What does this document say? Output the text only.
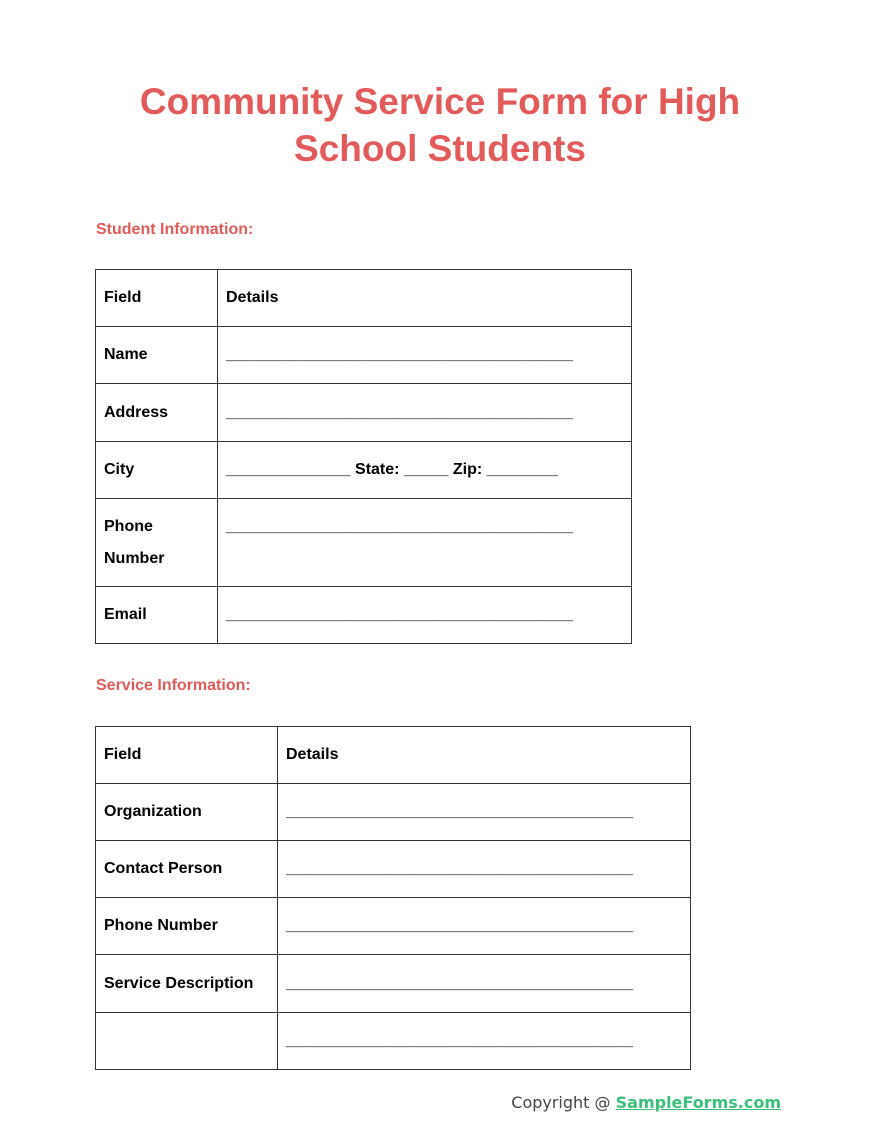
Community Service Form for High
School Students
Student Information:
Field	Details
Name	_______________________________________
Address	_______________________________________
City	______________ State: _____ Zip: ________
Phone Number	_______________________________________
Email	_______________________________________
Service Information:
Field	Details
Organization	_______________________________________
Contact Person	_______________________________________
Phone Number	_______________________________________
Service Description	_______________________________________
	_______________________________________
Copyright @ SampleForms.com
